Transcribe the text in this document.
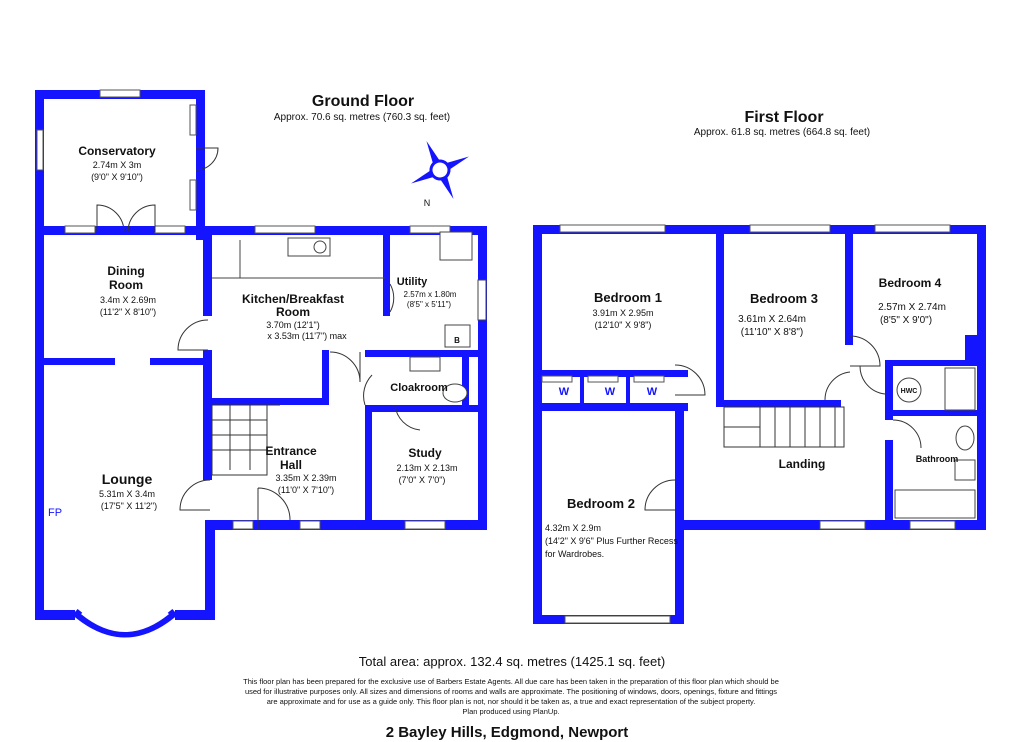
Ground Floor
Approx. 70.6 sq. metres (760.3 sq. feet)
N
Conservatory
2.74m X 3m
(9'0" X 9'10")
Dining
Room
3.4m X 2.69m
(11'2" X 8'10")
Kitchen/Breakfast
Room
3.70m (12'1")
x 3.53m (11'7") max
Utility
2.57m x 1.80m
(8'5" x 5'11")
B
Cloakroom
Entrance
Hall
3.35m X 2.39m
(11'0" X 7'10")
Study
2.13m X 2.13m
(7'0" X 7'0")
Lounge
5.31m X 3.4m
(17'5" X 11'2")
FP
First Floor
Approx. 61.8 sq. metres (664.8 sq. feet)
Bedroom 1
3.91m X 2.95m
(12'10" X 9'8")
Bedroom 3
3.61m X 2.64m
(11'10" X 8'8")
Bedroom 4
2.57m X 2.74m
(8'5" X 9'0")
Bedroom 2
4.32m X 2.9m
(14'2" X 9'6" Plus Further Recess
for Wardrobes.
Landing	Bathroom
HWC
W	W	W
Total area: approx. 132.4 sq. metres (1425.1 sq. feet)
This floor plan has been prepared for the exclusive use of Barbers Estate Agents. All due care has been taken in the preparation of this floor plan which should be
used for illustrative purposes only. All sizes and dimensions of rooms and walls are approximate. The positioning of windows, doors, openings, fixture and fittings
are approximate and for use as a guide only. This floor plan is not, nor should it be taken as, a true and exact representation of the subject property.
Plan produced using PlanUp.
2 Bayley Hills, Edgmond, Newport
